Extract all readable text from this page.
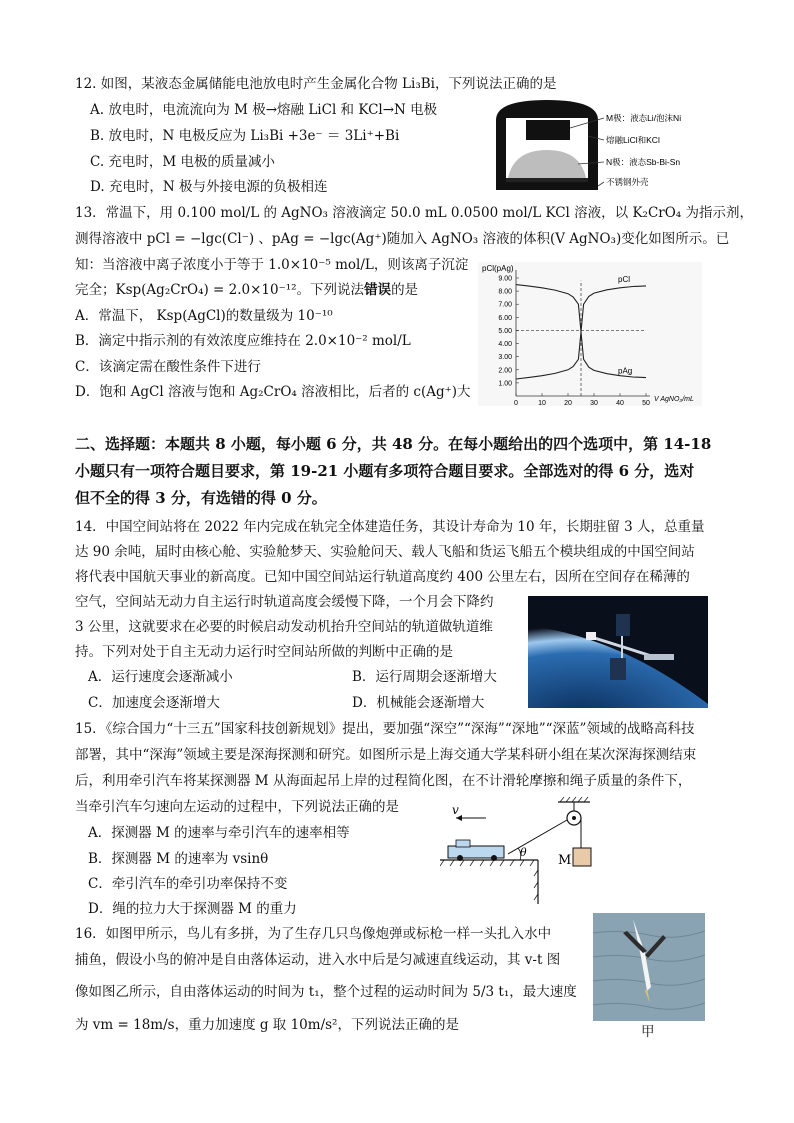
12. 如图，某液态金属储能电池放电时产生金属化合物 Li₃Bi，下列说法正确的是
A. 放电时，电流流向为 M 极→熔融 LiCl 和 KCl→N 电极
B. 放电时，N 电极反应为 Li₃Bi +3e⁻ ＝ 3Li⁺+Bi
C. 充电时，M 电极的质量减小
D. 充电时，N 极与外接电源的负极相连
M极：液态Li/泡沫Ni
熔融LiCl和KCl
N极：液态Sb-Bi-Sn
不锈钢外壳
13．常温下，用 0.100 mol/L 的 AgNO₃ 溶液滴定 50.0 mL 0.0500 mol/L KCl 溶液，以 K₂CrO₄ 为指示剂，
测得溶液中 pCl = −lgc(Cl⁻) 、pAg = −lgc(Ag⁺)随加入 AgNO₃ 溶液的体积(V AgNO₃)变化如图所示。已
知：当溶液中离子浓度小于等于 1.0×10⁻⁵ mol/L，则该离子沉淀
完全；Ksp(Ag₂CrO₄) = 2.0×10⁻¹²。下列说法错误的是
A．常温下， Ksp(AgCl)的数量级为 10⁻¹⁰
B．滴定中指示剂的有效浓度应维持在 2.0×10⁻² mol/L
C．该滴定需在酸性条件下进行
D．饱和 AgCl 溶液与饱和 Ag₂CrO₄ 溶液相比，后者的 c(Ag⁺)大
pCl(pAg)
V AgNO₃/mL
1.00
2.00
3.00
4.00
5.00
6.00
7.00
8.00
9.00
0	10	20	30	40	50
pCl
pAg
二、选择题：本题共 8 小题，每小题 6 分，共 48 分。在每小题给出的四个选项中，第 14-18
小题只有一项符合题目要求，第 19-21 小题有多项符合题目要求。全部选对的得 6 分，选对
但不全的得 3 分，有选错的得 0 分。
14．中国空间站将在 2022 年内完成在轨完全体建造任务，其设计寿命为 10 年，长期驻留 3 人，总重量
达 90 余吨，届时由核心舱、实验舱梦天、实验舱问天、载人飞船和货运飞船五个模块组成的中国空间站
将代表中国航天事业的新高度。已知中国空间站运行轨道高度约 400 公里左右，因所在空间存在稀薄的
空气，空间站无动力自主运行时轨道高度会缓慢下降，一个月会下降约
3 公里，这就要求在必要的时候启动发动机抬升空间站的轨道做轨道维
持。下列对处于自主无动力运行时空间站所做的判断中正确的是
A．运行速度会逐渐减小	B．运行周期会逐渐增大
C．加速度会逐渐增大	D．机械能会逐渐增大
15．《综合国力“十三五”国家科技创新规划》提出，要加强“深空”“深海”“深地”“深蓝”领域的战略高科技
部署，其中“深海”领域主要是深海探测和研究。如图所示是上海交通大学某科研小组在某次深海探测结束
后，利用牵引汽车将某探测器 M 从海面起吊上岸的过程简化图，在不计滑轮摩擦和绳子质量的条件下，
当牵引汽车匀速向左运动的过程中，下列说法正确的是
A．探测器 M 的速率与牵引汽车的速率相等
B．探测器 M 的速率为 vsinθ
C．牵引汽车的牵引功率保持不变
D．绳的拉力大于探测器 M 的重力
M
v
θ
16．如图甲所示，鸟儿有多拼，为了生存几只鸟像炮弹或标枪一样一头扎入水中
捕鱼，假设小鸟的俯冲是自由落体运动，进入水中后是匀减速直线运动，其 v-t 图
像如图乙所示，自由落体运动的时间为 t₁，整个过程的运动时间为 5/3 t₁，最大速度
为 vm = 18m/s，重力加速度 g 取 10m/s²，下列说法正确的是	甲
